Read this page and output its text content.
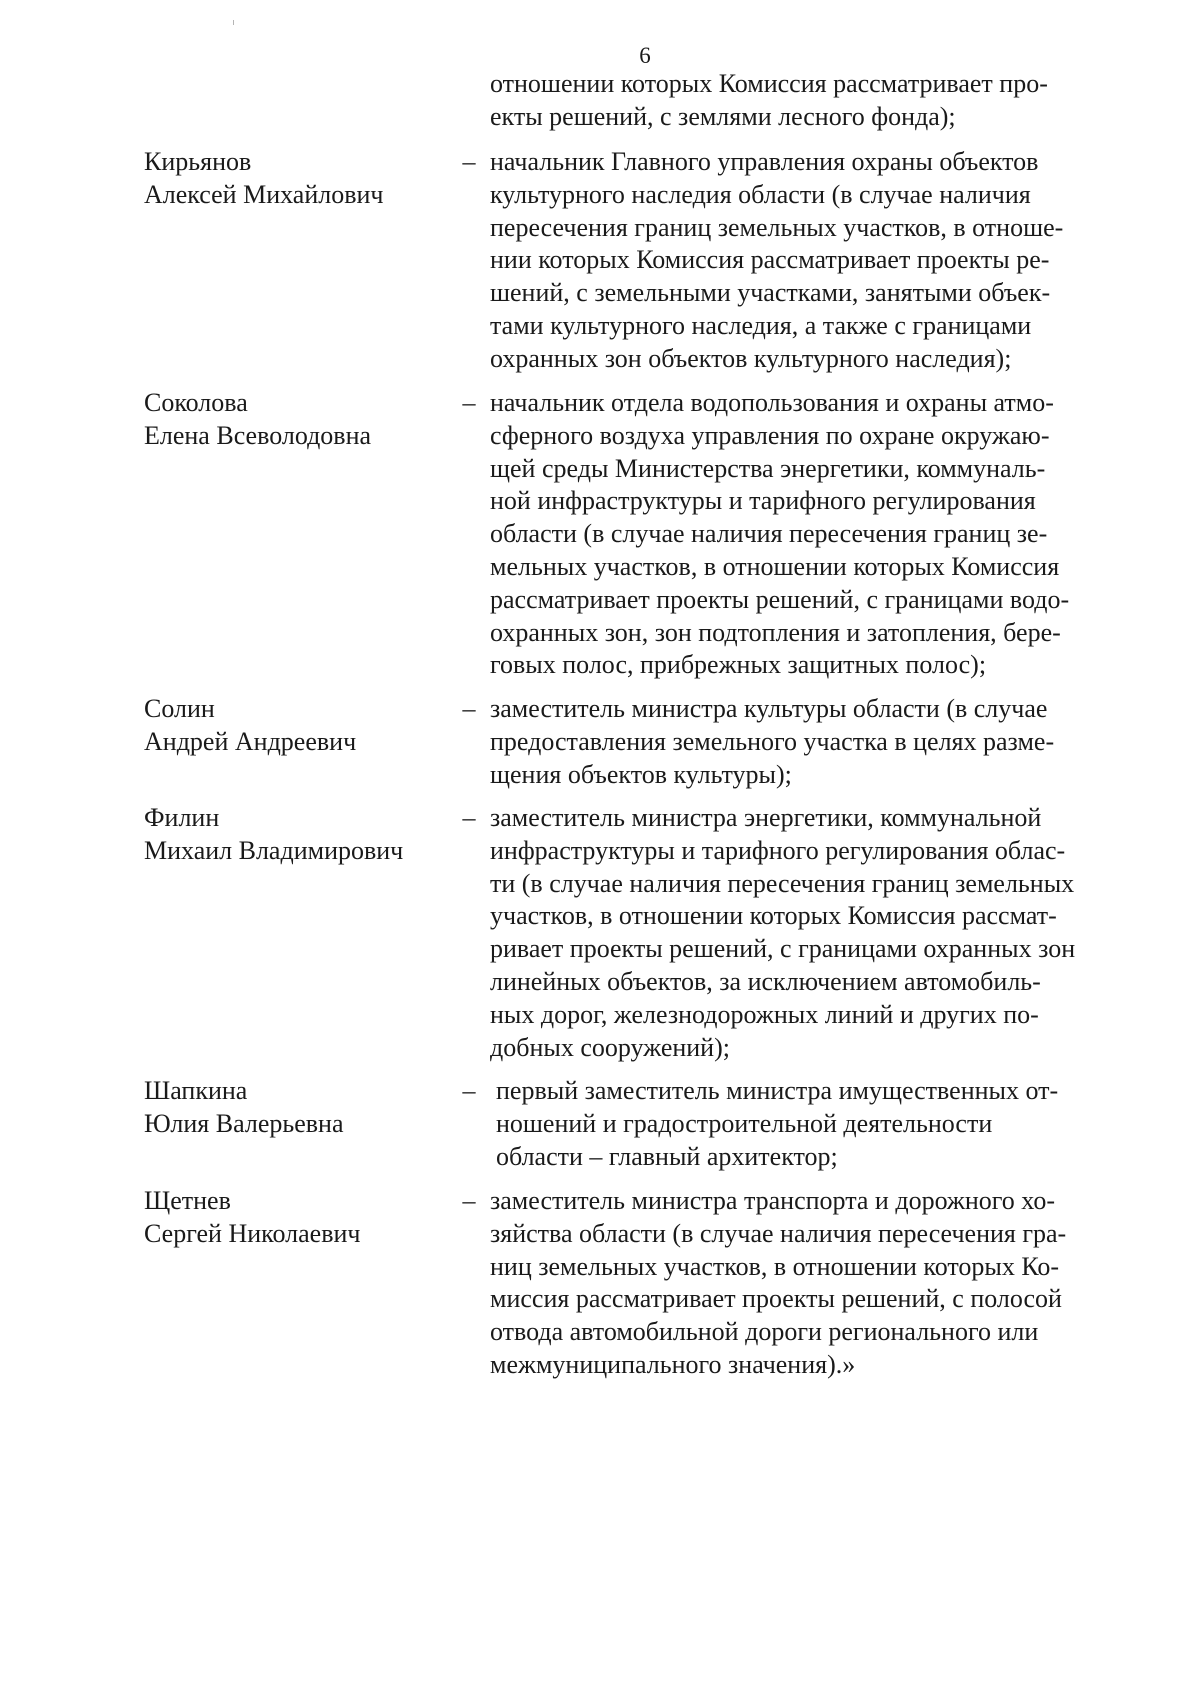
6
отношении которых Комиссия рассматривает про-
екты решений, с землями лесного фонда);
Кирьянов
Алексей Михайлович
– начальник Главного управления охраны объектов
культурного наследия области (в случае наличия
пересечения границ земельных участков, в отноше-
нии которых Комиссия рассматривает проекты ре-
шений, с земельными участками, занятыми объек-
тами культурного наследия, а также с границами
охранных зон объектов культурного наследия);
Соколова
Елена Всеволодовна
– начальник отдела водопользования и охраны атмо-
сферного воздуха управления по охране окружаю-
щей среды Министерства энергетики, коммуналь-
ной инфраструктуры и тарифного регулирования
области (в случае наличия пересечения границ зе-
мельных участков, в отношении которых Комиссия
рассматривает проекты решений, с границами водо-
охранных зон, зон подтопления и затопления, бере-
говых полос, прибрежных защитных полос);
Солин
Андрей Андреевич
– заместитель министра культуры области (в случае
предоставления земельного участка в целях разме-
щения объектов культуры);
Филин
Михаил Владимирович
– заместитель министра энергетики, коммунальной
инфраструктуры и тарифного регулирования облас-
ти (в случае наличия пересечения границ земельных
участков, в отношении которых Комиссия рассмат-
ривает проекты решений, с границами охранных зон
линейных объектов, за исключением автомобиль-
ных дорог, железнодорожных линий и других по-
добных сооружений);
Шапкина
Юлия Валерьевна
– первый заместитель министра имущественных от-
ношений и градостроительной деятельности
области – главный архитектор;
Щетнев
Сергей Николаевич
– заместитель министра транспорта и дорожного хо-
зяйства области (в случае наличия пересечения гра-
ниц земельных участков, в отношении которых Ко-
миссия рассматривает проекты решений, с полосой
отвода автомобильной дороги регионального или
межмуниципального значения).»
